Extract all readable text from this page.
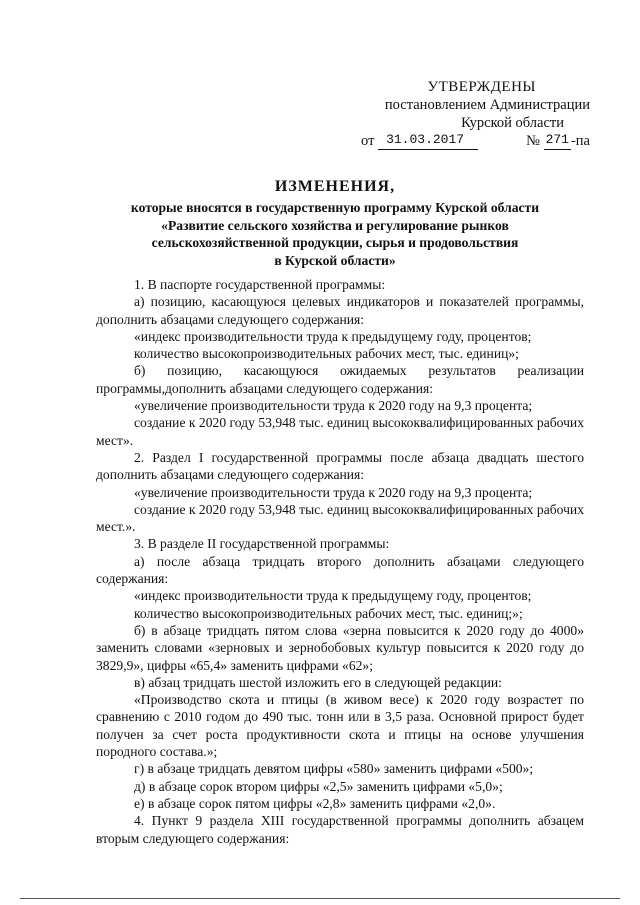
УТВЕРЖДЕНЫ
постановлением Администрации
Курской области
от
31.03.2017	№
271 -па
ИЗМЕНЕНИЯ,
которые вносятся в государственную программу Курской области
«Развитие сельского хозяйства и регулирование рынков
сельскохозяйственной продукции, сырья и продовольствия
в Курской области»

1. В паспорте государственной программы:

а) позицию, касающуюся целевых индикаторов и показателей программы, дополнить абзацами следующего содержания:

«индекс производительности труда к предыдущему году, процентов;

количество высокопроизводительных рабочих мест, тыс. единиц»;

б) позицию, касающуюся ожидаемых результатов реализации программы,дополнить абзацами следующего содержания:

«увеличение производительности труда к 2020 году на 9,3 процента;

создание к 2020 году 53,948 тыс. единиц высококвалифицированных рабочих мест».

2. Раздел I государственной программы после абзаца двадцать шестого дополнить абзацами следующего содержания:

«увеличение производительности труда к 2020 году на 9,3 процента;

создание к 2020 году 53,948 тыс. единиц высококвалифицированных рабочих мест.».

3. В разделе II государственной программы:

а) после абзаца тридцать второго дополнить абзацами следующего содержания:

«индекс производительности труда к предыдущему году, процентов;

количество высокопроизводительных рабочих мест, тыс. единиц;»;

б) в абзаце тридцать пятом слова «зерна повысится к 2020 году до 4000» заменить словами «зерновых и зернобобовых культур повысится к 2020 году до 3829,9», цифры «65,4» заменить цифрами «62»;

в) абзац тридцать шестой изложить его в следующей редакции:

«Производство скота и птицы (в живом весе) к 2020 году возрастет по сравнению с 2010 годом до 490 тыс. тонн или в 3,5 раза. Основной прирост будет получен за счет роста продуктивности скота и птицы на основе улучшения породного состава.»;

г) в абзаце тридцать девятом цифры «580» заменить цифрами «500»;

д) в абзаце сорок втором цифры «2,5» заменить цифрами «5,0»;

е) в абзаце сорок пятом цифры «2,8» заменить цифрами «2,0».

4. Пункт 9 раздела XIII государственной программы дополнить абзацем вторым следующего содержания:
